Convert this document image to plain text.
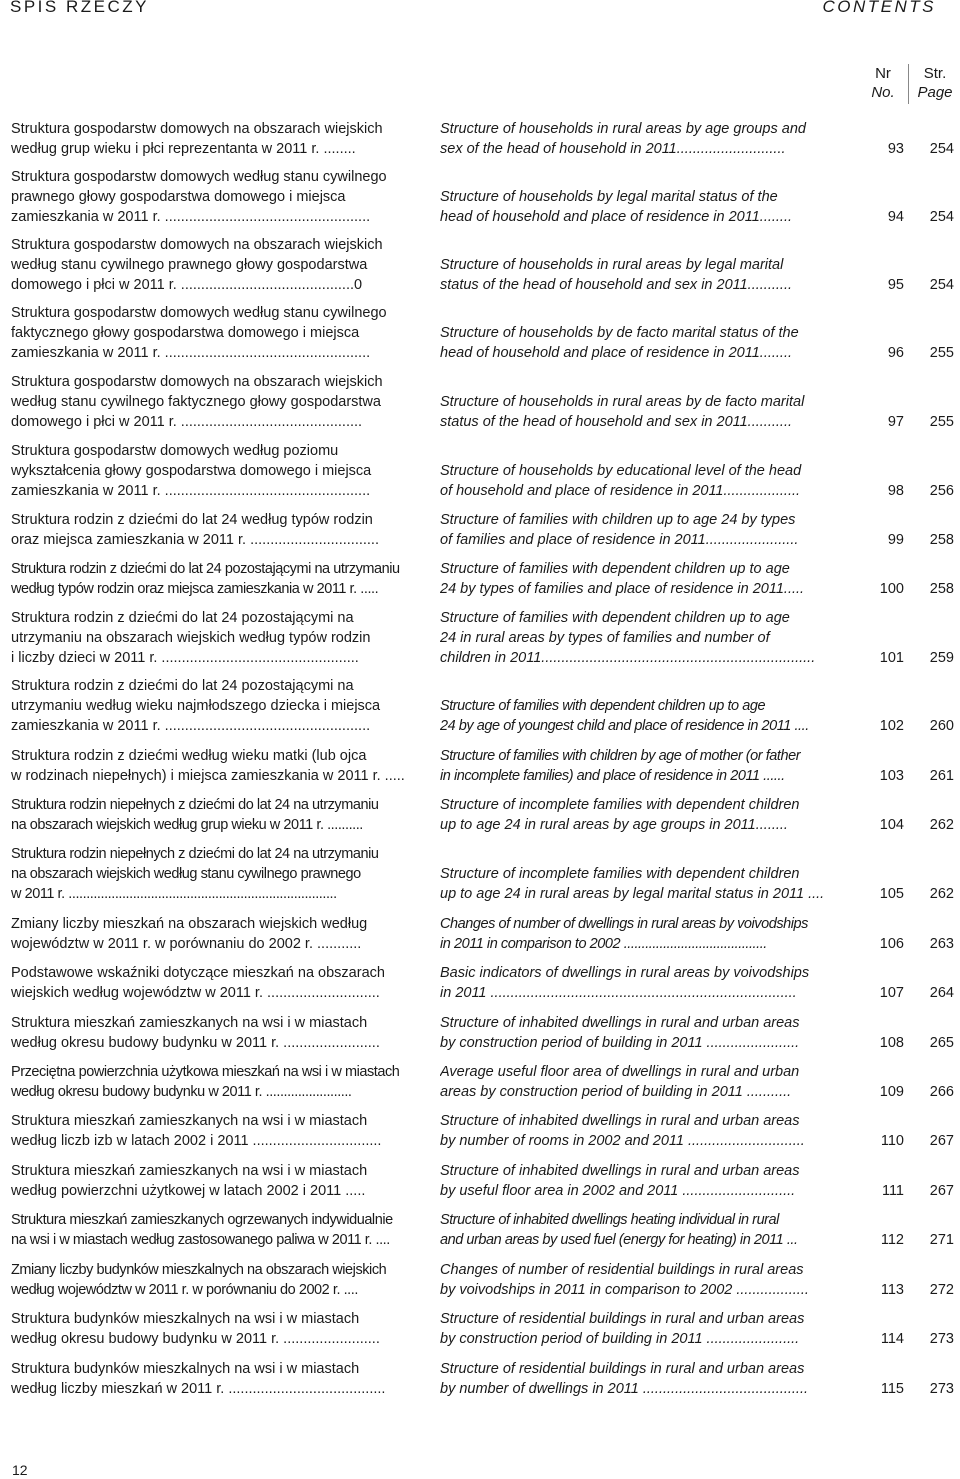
SPIS RZECZY	CONTENTS
Nr
No.
Str.
Page
Struktura gospodarstw domowych na obszarach wiejskich
według grup wieku i płci reprezentanta w 2011 r. ........
Structure of households in rural areas by age groups and
sex of the head of household in 2011...........................	93	254
Struktura gospodarstw domowych według stanu cywilnego
prawnego głowy gospodarstwa domowego i miejsca
zamieszkania w 2011 r. ...................................................
Structure of households by legal marital status of the
head of household and place of residence in 2011........	94	254
Struktura gospodarstw domowych na obszarach wiejskich
według stanu cywilnego prawnego głowy gospodarstwa
domowego i płci w 2011 r. ...........................................0
Structure of households in rural areas by legal marital
status of the head of household and sex in 2011...........	95	254
Struktura gospodarstw domowych według stanu cywilnego
faktycznego głowy gospodarstwa domowego i miejsca
zamieszkania w 2011 r. ...................................................
Structure of households by de facto marital status of the
head of household and place of residence in 2011........	96	255
Struktura gospodarstw domowych na obszarach wiejskich
według stanu cywilnego faktycznego głowy gospodarstwa
domowego i płci w 2011 r. .............................................
Structure of households in rural areas by de facto marital
status of the head of household and sex in 2011...........	97	255
Struktura gospodarstw domowych według poziomu
wykształcenia głowy gospodarstwa domowego i miejsca
zamieszkania w 2011 r. ...................................................
Structure of households by educational level of the head
of household and place of residence in 2011...................	98	256
Struktura rodzin z dziećmi do lat 24 według typów rodzin
oraz miejsca zamieszkania w 2011 r. ................................
Structure of families with children up to age 24 by types
of families and place of residence in 2011.......................	99	258
Struktura rodzin z dziećmi do lat 24 pozostającymi na utrzymaniu
według typów rodzin oraz miejsca zamieszkania w 2011 r. .....
Structure of families with dependent children up to age
24 by types of families and place of residence in 2011.....	100	258
Struktura rodzin z dziećmi do lat 24 pozostającymi na
utrzymaniu na obszarach wiejskich według typów rodzin
i liczby dzieci w 2011 r. .................................................
Structure of families with dependent children up to age
24 in rural areas by types of families and number of
children in 2011....................................................................	101	259
Struktura rodzin z dziećmi do lat 24 pozostającymi na
utrzymaniu według wieku najmłodszego dziecka i miejsca
zamieszkania w 2011 r. ...................................................
Structure of families with dependent children up to age
24 by age of youngest child and place of residence in 2011 ....	102	260
Struktura rodzin z dziećmi według wieku matki (lub ojca
w rodzinach niepełnych) i miejsca zamieszkania w 2011 r. .....
Structure of families with children by age of mother (or father
in incomplete families) and place of residence in 2011 ......	103	261
Struktura rodzin niepełnych z dziećmi do lat 24 na utrzymaniu
na obszarach wiejskich według grup wieku w 2011 r. ..........
Structure of incomplete families with dependent children
up to age 24 in rural areas by age groups in 2011........	104	262
Struktura rodzin niepełnych z dziećmi do lat 24 na utrzymaniu
na obszarach wiejskich według stanu cywilnego prawnego
w 2011 r. ...........................................................................
Structure of incomplete families with dependent children
up to age 24 in rural areas by legal marital status in 2011 ....	105	262
Zmiany liczby mieszkań na obszarach wiejskich według
województw w 2011 r. w porównaniu do 2002 r. ...........
Changes of number of dwellings in rural areas by voivodships
in 2011 in comparison to 2002 ........................................	106	263
Podstawowe wskaźniki dotyczące mieszkań na obszarach
wiejskich według województw w 2011 r. ............................
Basic indicators of dwellings in rural areas by voivodships
in 2011 ............................................................................	107	264
Struktura mieszkań zamieszkanych na wsi i w miastach
według okresu budowy budynku w 2011 r. ........................
Structure of inhabited dwellings in rural and urban areas
by construction period of building in 2011 .......................	108	265
Przeciętna powierzchnia użytkowa mieszkań na wsi i w miastach
według okresu budowy budynku w 2011 r. ........................
Average useful floor area of dwellings in rural and urban
areas by construction period of building in 2011 ...........	109	266
Struktura mieszkań zamieszkanych na wsi i w miastach
według liczb izb w latach 2002 i 2011 ................................
Structure of inhabited dwellings in rural and urban areas
by number of rooms in 2002 and 2011 .............................	110	267
Struktura mieszkań zamieszkanych na wsi i w miastach
według powierzchni użytkowej w latach 2002 i 2011 .....
Structure of inhabited dwellings in rural and urban areas
by useful floor area in 2002 and 2011 ............................	111	267
Struktura mieszkań zamieszkanych ogrzewanych indywidualnie
na wsi i w miastach według zastosowanego paliwa w 2011 r. ....
Structure of inhabited dwellings heating individual in rural
and urban areas by used fuel (energy for heating) in 2011 ...	112	271
Zmiany liczby budynków mieszkalnych na obszarach wiejskich
według województw w 2011 r. w porównaniu do 2002 r. ....
Changes of number of residential buildings in rural areas
by voivodships in 2011 in comparison to 2002 ..................	113	272
Struktura budynków mieszkalnych na wsi i w miastach
według okresu budowy budynku w 2011 r. ........................
Structure of residential buildings in rural and urban areas
by construction period of building in 2011 .......................	114	273
Struktura budynków mieszkalnych na wsi i w miastach
według liczby mieszkań w 2011 r. .......................................
Structure of residential buildings in rural and urban areas
by number of dwellings in 2011 .........................................	115	273
12
